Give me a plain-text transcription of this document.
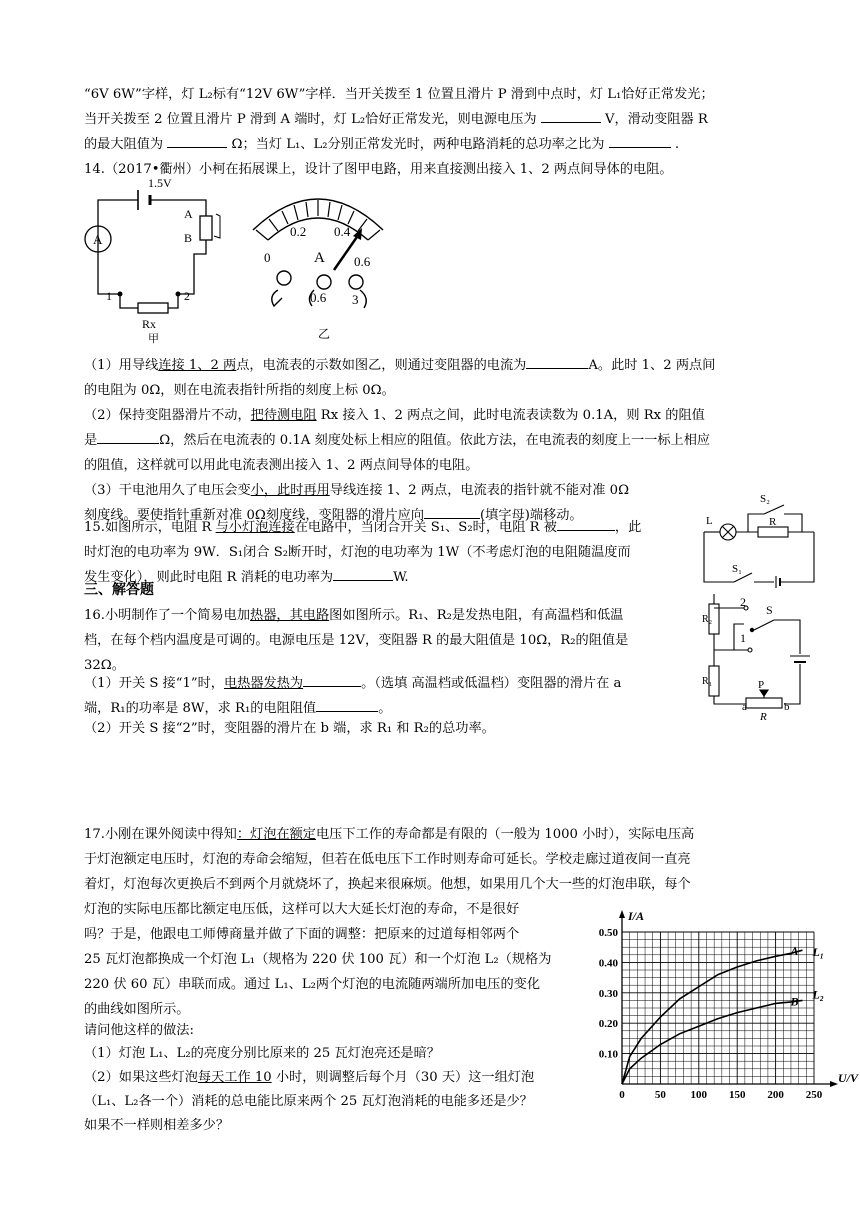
“6V 6W”字样，灯 L₂标有“12V 6W”字样．当开关拨至 1 位置且滑片 P 滑到中点时，灯 L₁恰好正常发光；

当开关拨至 2 位置且滑片 P 滑到 A 端时，灯 L₂恰好正常发光，则电源电压为	V，滑动变阻器 R

的最大阻值为	Ω；当灯 L₁、L₂分别正常发光时，两种电路消耗的总功率之比为	.

14.（2017•衢州）小柯在拓展课上，设计了图甲电路，用来直接测出接入 1、2 两点间导体的电阻。

1.5V
A
A
B
1	2
Rx
甲
0
0.2 0.4
0.6
A
0.6 3
乙

（1）用导线连接 1、2 两点，电流表的示数如图乙，则通过变阻器的电流为	A。此时 1、2 两点间

的电阻为 0Ω，则在电流表指针所指的刻度上标 0Ω。

（2）保持变阻器滑片不动，把待测电阻 Rx 接入 1、2 两点之间，此时电流表读数为 0.1A，则 Rx 的阻值

是	Ω，然后在电流表的 0.1A 刻度处标上相应的阻值。依此方法，在电流表的刻度上一一标上相应

的阻值，这样就可以用此电流表测出接入 1、2 两点间导体的电阻。

（3）干电池用久了电压会变小，此时再用导线连接 1、2 两点，电流表的指针就不能对准 0Ω

刻度线。要使指针重新对准 0Ω刻度线，变阻器的滑片应向	(填字母)端移动。

15.如图所示，电阻 R 与小灯泡连接在电路中，当闭合开关 S₁、S₂时，电阻 R 被	，此

时灯泡的电功率为 9W．S₁闭合 S₂断开时，灯泡的电功率为 1W（不考虑灯泡的电阻随温度而

发生变化），则此时电阻 R 消耗的电功率为	W.

L	R
S₂
S₁
三、解答题

16.小明制作了一个简易电加热器，其电路图如图所示。R₁、R₂是发热电阻，有高温档和低温

档，在每个档内温度是可调的。电源电压是 12V，变阻器 R 的最大阻值是 10Ω，R₂的阻值是

32Ω。

（1）开关 S 接“1”时，电热器发热为	。（选填 高温档或低温档）变阻器的滑片在 a

端，R₁的功率是 8W，求 R₁的电阻阻值	。

（2）开关 S 接“2”时，变阻器的滑片在 b 端，求 R₁ 和 R₂的总功率。

R₂
R₁
S
2
1
P
a	b
R

17.小刚在课外阅读中得知：灯泡在额定电压下工作的寿命都是有限的（一般为 1000 小时），实际电压高

于灯泡额定电压时，灯泡的寿命会缩短，但若在低电压下工作时则寿命可延长。学校走廊过道夜间一直亮

着灯，灯泡每次更换后不到两个月就烧坏了，换起来很麻烦。他想，如果用几个大一些的灯泡串联，每个

灯泡的实际电压都比额定电压低，这样可以大大延长灯泡的寿命，不是很好

吗？于是，他跟电工师傅商量并做了下面的调整：把原来的过道每相邻两个

25 瓦灯泡都换成一个灯泡 L₁（规格为 220 伏 100 瓦）和一个灯泡 L₂（规格为

220 伏 60 瓦）串联而成。通过 L₁、L₂两个灯泡的电流随两端所加电压的变化

的曲线如图所示。

请问他这样的做法:

（1）灯泡 L₁、L₂的亮度分别比原来的 25 瓦灯泡亮还是暗？

（2）如果这些灯泡每天工作 10 小时，则调整后每个月（30 天）这一组灯泡

（L₁、L₂各一个）消耗的总电能比原来两个 25 瓦灯泡消耗的电能多还是少？

如果不一样则相差多少？

U/V
I/A
0	50 100 150 200 250
0.10
0.20
0.30
0.40
0.50
A L₁
B L₂
